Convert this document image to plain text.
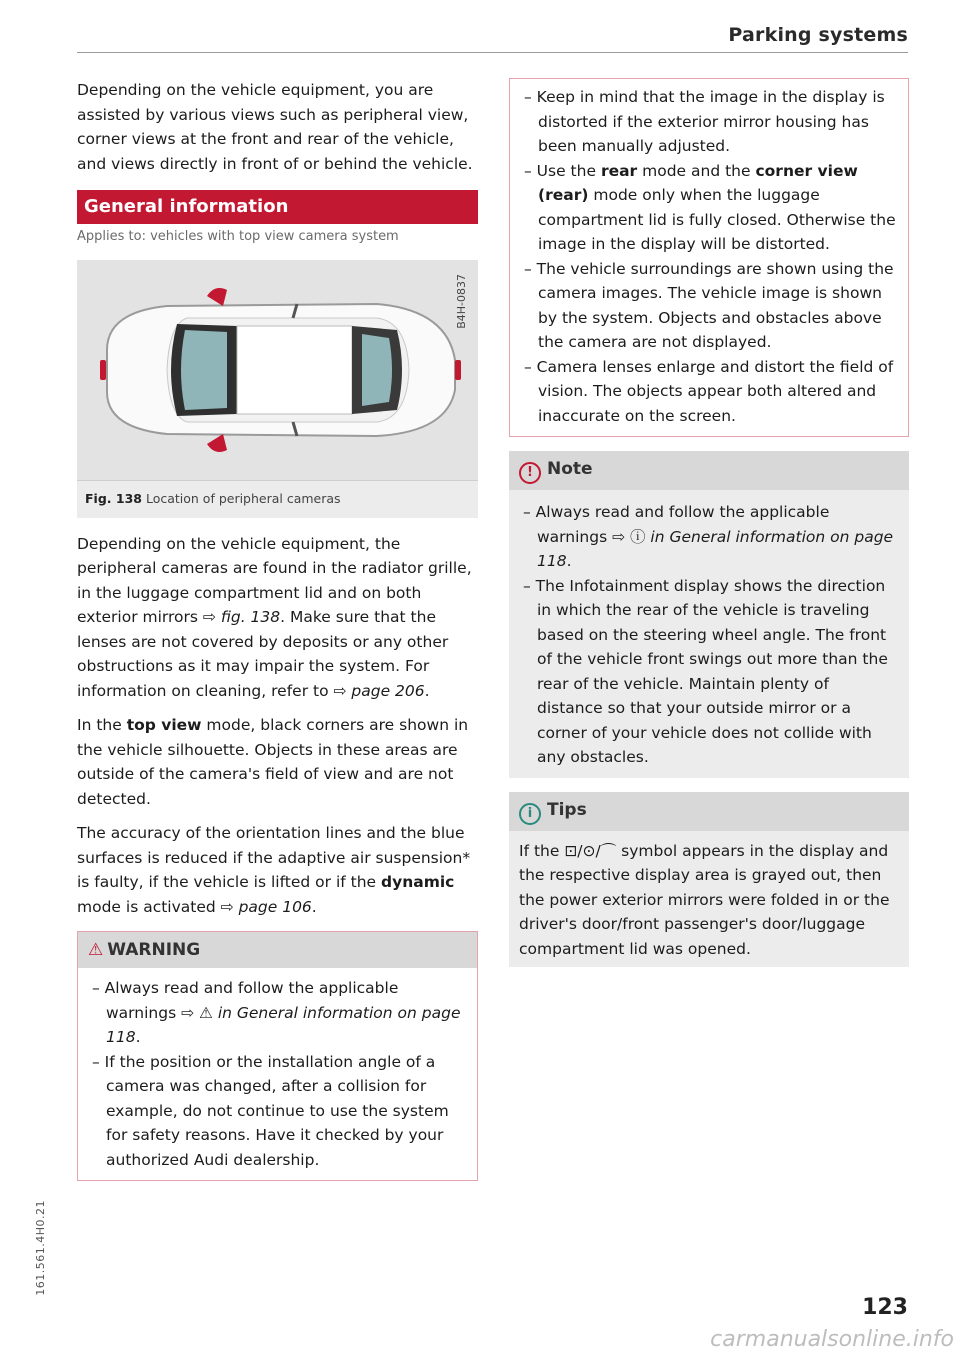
Parking systems

Depending on the vehicle equipment, you are assisted by various views such as peripheral view, corner views at the front and rear of the vehicle, and views directly in front of or behind the vehicle.

General information
Applies to: vehicles with top view camera system
B4H-0837
Fig. 138 Location of peripheral cameras

Depending on the vehicle equipment, the peripheral cameras are found in the radiator grille, in the luggage compartment lid and on both exterior mirrors ⇨ fig. 138. Make sure that the lenses are not covered by deposits or any other obstructions as it may impair the system. For information on cleaning, refer to ⇨ page 206.

In the top view mode, black corners are shown in the vehicle silhouette. Objects in these areas are outside of the camera's field of view and are not detected.

The accuracy of the orientation lines and the blue surfaces is reduced if the adaptive air suspension* is faulty, if the vehicle is lifted or if the dynamic mode is activated ⇨ page 106.

⚠ WARNING
– Always read and follow the applicable warnings ⇨ ⚠ in General information on page 118.
– If the position or the installation angle of a camera was changed, after a collision for example, do not continue to use the system for safety reasons. Have it checked by your authorized Audi dealership.
– Keep in mind that the image in the display is distorted if the exterior mirror housing has been manually adjusted.
– Use the rear mode and the corner view (rear) mode only when the luggage compartment lid is fully closed. Otherwise the image in the display will be distorted.
– The vehicle surroundings are shown using the camera images. The vehicle image is shown by the system. Objects and obstacles above the camera are not displayed.
– Camera lenses enlarge and distort the field of vision. The objects appear both altered and inaccurate on the screen.
! Note
– Always read and follow the applicable warnings ⇨ ⓘ in General information on page 118.
– The Infotainment display shows the direction in which the rear of the vehicle is traveling based on the steering wheel angle. The front of the vehicle front swings out more than the rear of the vehicle. Maintain plenty of distance so that your outside mirror or a corner of your vehicle does not collide with any obstacles.
i Tips
If the ⊡/⊙/⌒ symbol appears in the display and the respective display area is grayed out, then the power exterior mirrors were folded in or the driver's door/front passenger's door/luggage compartment lid was opened.
161.561.4H0.21
123
carmanualsonline.info
